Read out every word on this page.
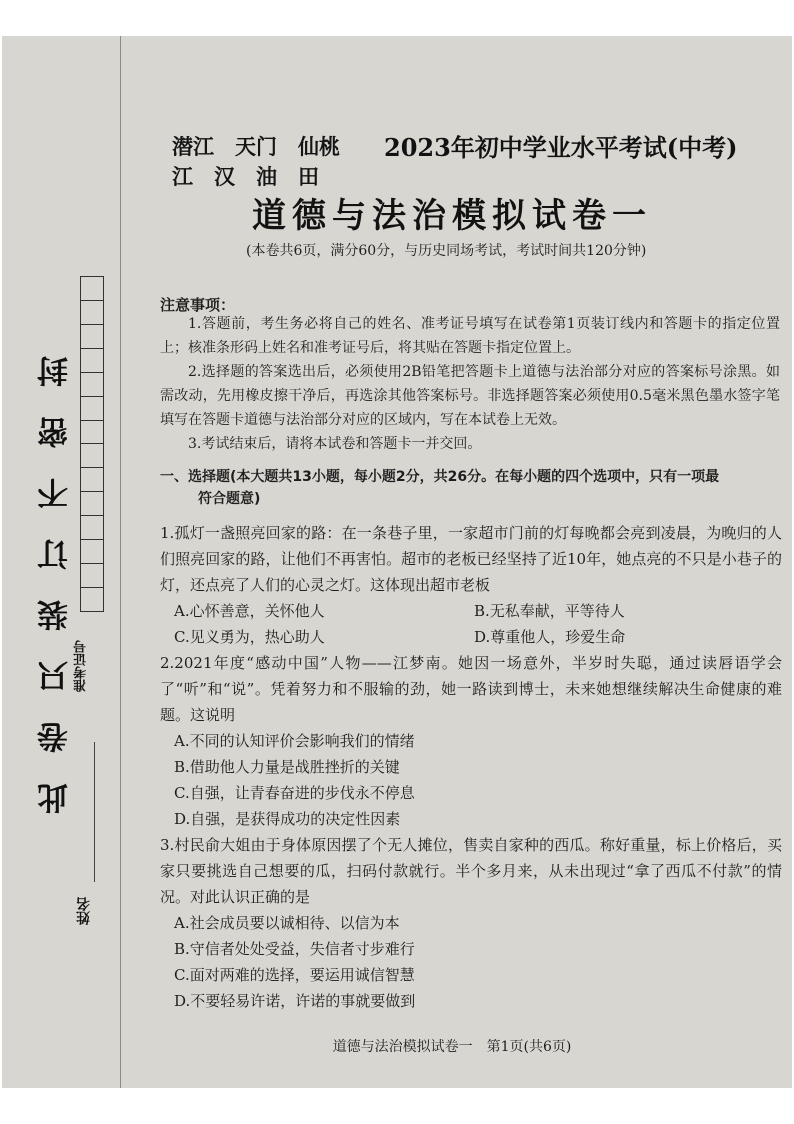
此卷只装订不密封 准考证号
姓名
潜江　天门　仙桃
江　汉　油　田
2023年初中学业水平考试(中考)
道德与法治模拟试卷一
(本卷共6页，满分60分，与历史同场考试，考试时间共120分钟)
注意事项：

1.答题前，考生务必将自己的姓名、准考证号填写在试卷第1页装订线内和答题卡的指定位置上；核准条形码上姓名和准考证号后，将其贴在答题卡指定位置上。

2.选择题的答案选出后，必须使用2B铅笔把答题卡上道德与法治部分对应的答案标号涂黑。如需改动，先用橡皮擦干净后，再选涂其他答案标号。非选择题答案必须使用0.5毫米黑色墨水签字笔填写在答题卡道德与法治部分对应的区域内，写在本试卷上无效。

3.考试结束后，请将本试卷和答题卡一并交回。

一、选择题(本大题共13小题，每小题2分，共26分。在每小题的四个选项中，只有一项最
符合题意)

1.孤灯一盏照亮回家的路：在一条巷子里，一家超市门前的灯每晚都会亮到凌晨，为晚归的人们照亮回家的路，让他们不再害怕。超市的老板已经坚持了近10年，她点亮的不只是小巷子的灯，还点亮了人们的心灵之灯。这体现出超市老板

A.心怀善意，关怀他人	B.无私奉献，平等待人
C.见义勇为，热心助人	D.尊重他人，珍爱生命

2.2021年度“感动中国”人物——江梦南。她因一场意外，半岁时失聪，通过读唇语学会了“听”和“说”。凭着努力和不服输的劲，她一路读到博士，未来她想继续解决生命健康的难题。这说明

A.不同的认知评价会影响我们的情绪
B.借助他人力量是战胜挫折的关键
C.自强，让青春奋进的步伐永不停息
D.自强，是获得成功的决定性因素

3.村民俞大姐由于身体原因摆了个无人摊位，售卖自家种的西瓜。称好重量，标上价格后，买家只要挑选自己想要的瓜，扫码付款就行。半个多月来，从未出现过“拿了西瓜不付款”的情况。对此认识正确的是

A.社会成员要以诚相待、以信为本
B.守信者处处受益，失信者寸步难行
C.面对两难的选择，要运用诚信智慧
D.不要轻易许诺，许诺的事就要做到
道德与法治模拟试卷一　第1页(共6页)
